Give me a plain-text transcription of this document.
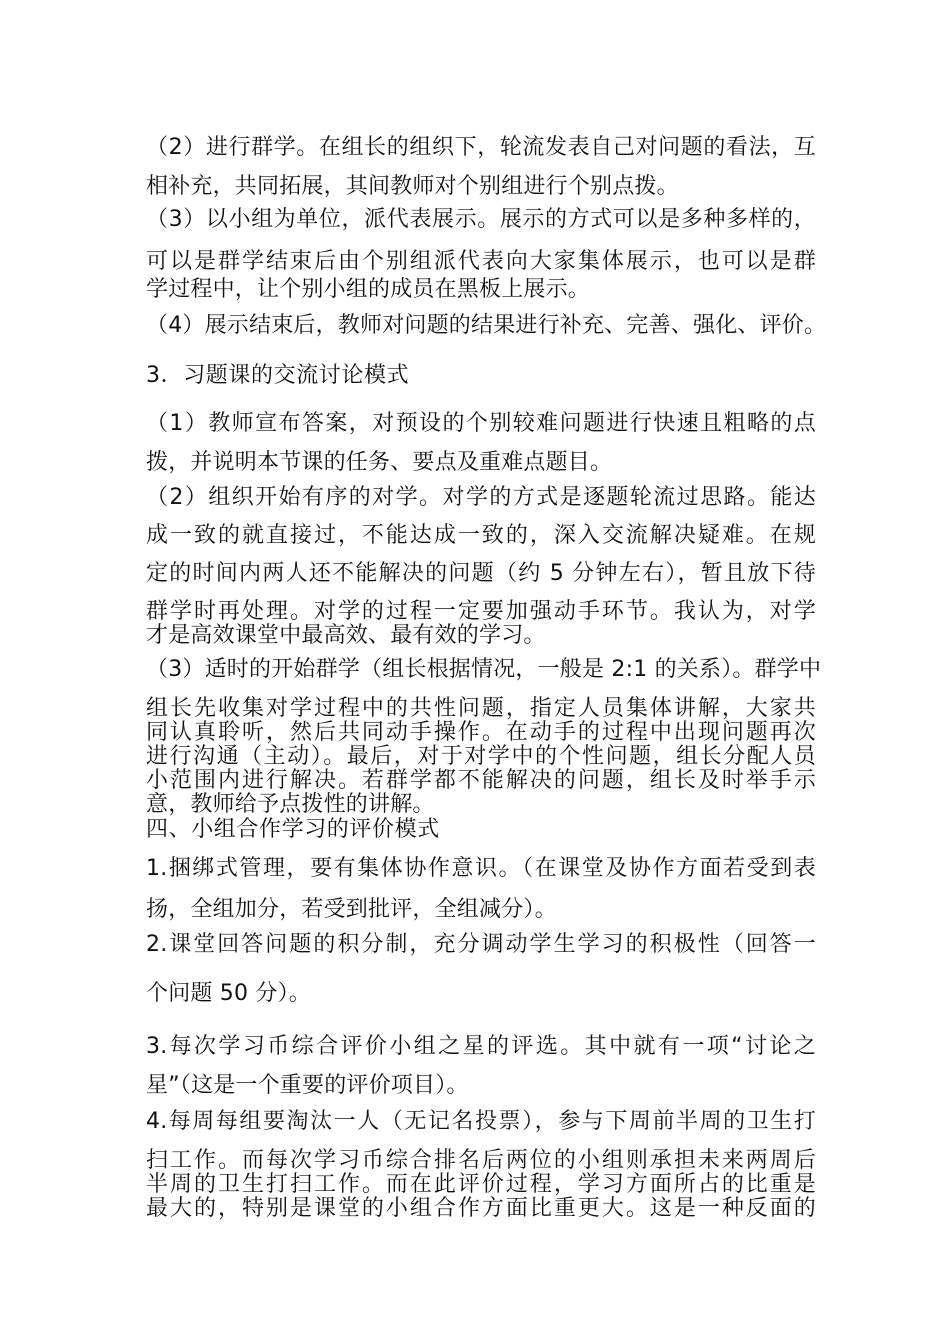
（2）进行群学。在组长的组织下，轮流发表自己对问题的看法，互
相补充，共同拓展，其间教师对个别组进行个别点拨。
（3）以小组为单位，派代表展示。展示的方式可以是多种多样的，
可以是群学结束后由个别组派代表向大家集体展示，也可以是群
学过程中，让个别小组的成员在黑板上展示。
（4）展示结束后，教师对问题的结果进行补充、完善、强化、评价。
3．习题课的交流讨论模式
（1）教师宣布答案，对预设的个别较难问题进行快速且粗略的点
拨，并说明本节课的任务、要点及重难点题目。
（2）组织开始有序的对学。对学的方式是逐题轮流过思路。能达
成一致的就直接过，不能达成一致的，深入交流解决疑难。在规
定的时间内两人还不能解决的问题（约 5 分钟左右），暂且放下待
群学时再处理。对学的过程一定要加强动手环节。我认为，对学
才是高效课堂中最高效、最有效的学习。
（3）适时的开始群学（组长根据情况，一般是 2:1 的关系）。群学中
组长先收集对学过程中的共性问题，指定人员集体讲解，大家共
同认真聆听，然后共同动手操作。在动手的过程中出现问题再次
进行沟通（主动）。最后，对于对学中的个性问题，组长分配人员
小范围内进行解决。若群学都不能解决的问题，组长及时举手示
意，教师给予点拨性的讲解。
四、小组合作学习的评价模式
1.捆绑式管理，要有集体协作意识。（在课堂及协作方面若受到表
扬，全组加分，若受到批评，全组减分）。
2.课堂回答问题的积分制，充分调动学生学习的积极性（回答一
个问题 50 分）。
3.每次学习币综合评价小组之星的评选。其中就有一项“讨论之
星”（这是一个重要的评价项目）。
4.每周每组要淘汰一人（无记名投票），参与下周前半周的卫生打
扫工作。而每次学习币综合排名后两位的小组则承担未来两周后
半周的卫生打扫工作。而在此评价过程，学习方面所占的比重是
最大的，特别是课堂的小组合作方面比重更大。这是一种反面的
